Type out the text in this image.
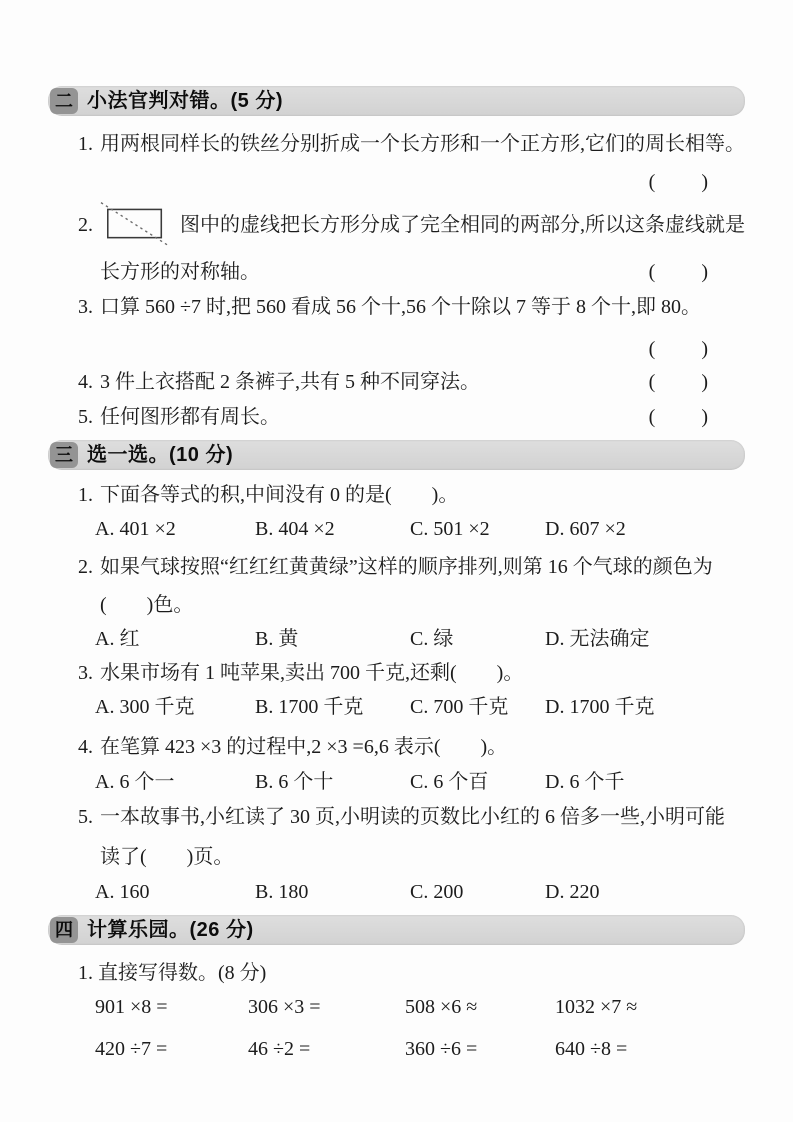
二 小法官判对错。(5 分)
1. 用两根同样长的铁丝分别折成一个长方形和一个正方形,它们的周长相等。
(　　)
2.	图中的虚线把长方形分成了完全相同的两部分,所以这条虚线就是
长方形的对称轴。	(　　)
3. 口算 560 ÷7 时,把 560 看成 56 个十,56 个十除以 7 等于 8 个十,即 80。
(　　)
4. 3 件上衣搭配 2 条裤子,共有 5 种不同穿法。	(　　)
5. 任何图形都有周长。	(　　)
三 选一选。(10 分)
1. 下面各等式的积,中间没有 0 的是(　　)。
A. 401 ×2	B. 404 ×2	C. 501 ×2	D. 607 ×2
2. 如果气球按照“红红红黄黄绿”这样的顺序排列,则第 16 个气球的颜色为
(　　)色。
A. 红	B. 黄	C. 绿	D. 无法确定
3. 水果市场有 1 吨苹果,卖出 700 千克,还剩(　　)。
A. 300 千克	B. 1700 千克	C. 700 千克	D. 1700 千克
4. 在笔算 423 ×3 的过程中,2 ×3 =6,6 表示(　　)。
A. 6 个一	B. 6 个十	C. 6 个百	D. 6 个千
5. 一本故事书,小红读了 30 页,小明读的页数比小红的 6 倍多一些,小明可能
读了(　　)页。
A. 160	B. 180	C. 200	D. 220
四 计算乐园。(26 分)
1. 直接写得数。(8 分)
901 ×8 =	306 ×3 =	508 ×6 ≈	1032 ×7 ≈
420 ÷7 =	46 ÷2 =	360 ÷6 =	640 ÷8 =
